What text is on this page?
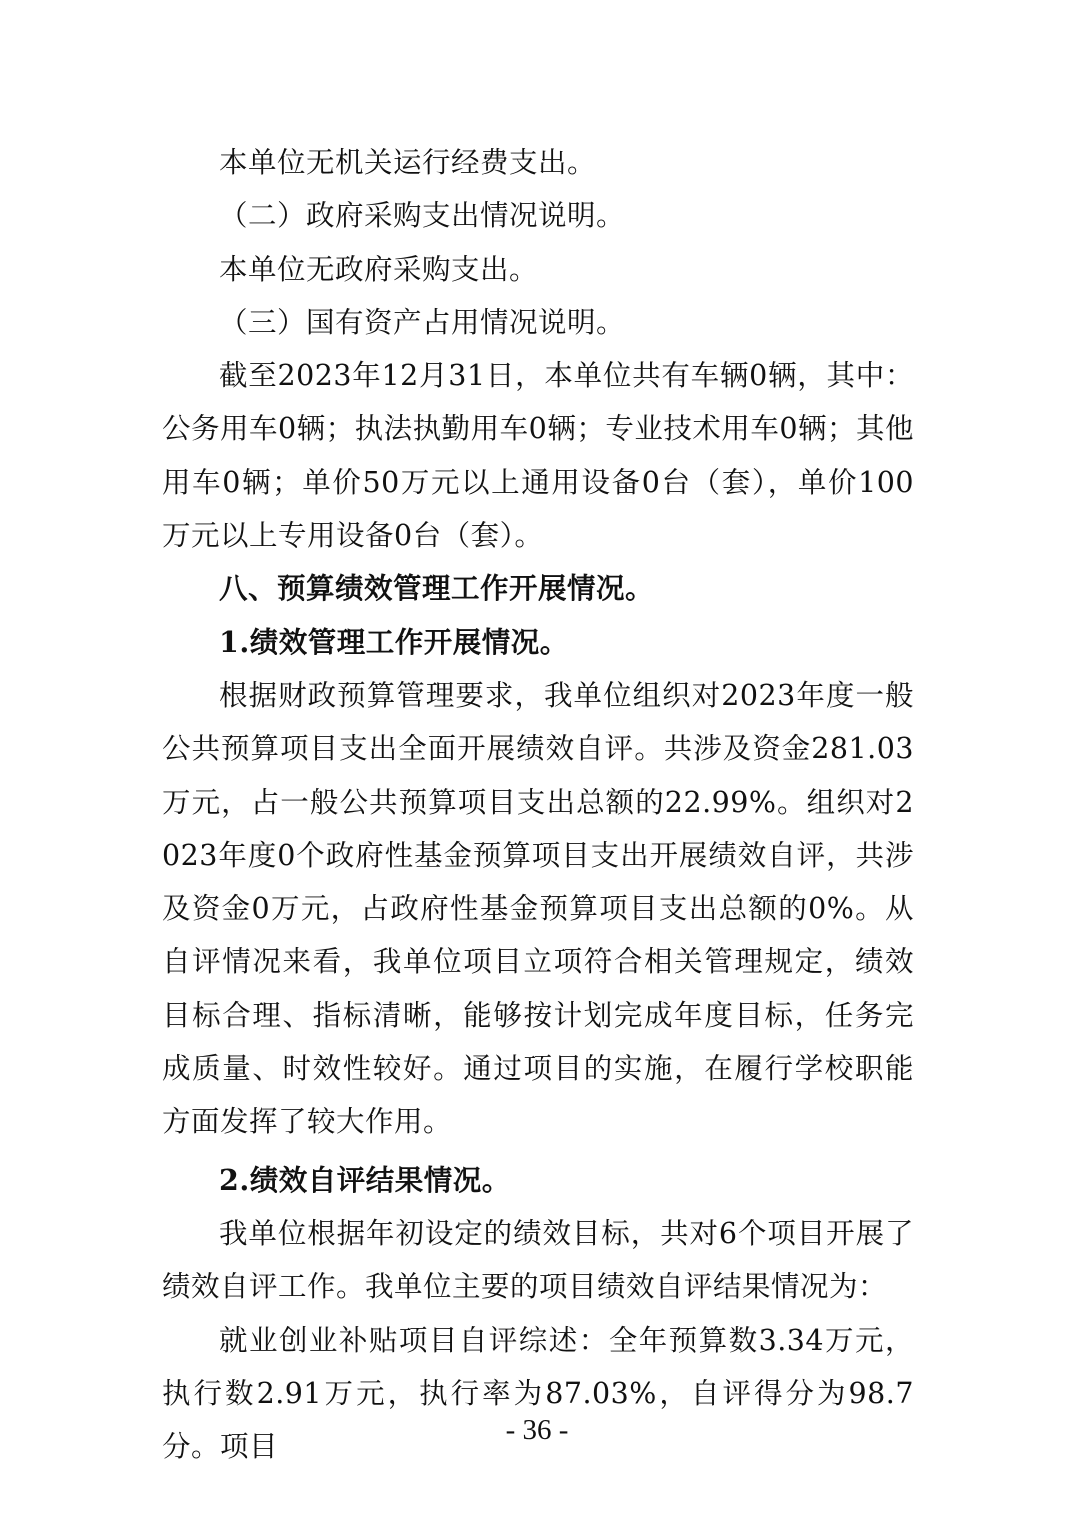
本单位无机关运行经费支出。

（二）政府采购支出情况说明。

本单位无政府采购支出。

（三）国有资产占用情况说明。

截至2023年12月31日，本单位共有车辆0辆，其中：公务用车0辆；执法执勤用车0辆；专业技术用车0辆；其他用车0辆；单价50万元以上通用设备0台（套），单价100 万元以上专用设备0台（套）。

八、预算绩效管理工作开展情况。

1.绩效管理工作开展情况。

根据财政预算管理要求，我单位组织对2023年度一般公共预算项目支出全面开展绩效自评。共涉及资金281.03万元，占一般公共预算项目支出总额的22.99%。组织对2023年度0个政府性基金预算项目支出开展绩效自评，共涉及资金0万元，占政府性基金预算项目支出总额的0%。从自评情况来看，我单位项目立项符合相关管理规定，绩效目标合理、指标清晰，能够按计划完成年度目标，任务完成质量、时效性较好。通过项目的实施，在履行学校职能方面发挥了较大作用。

2.绩效自评结果情况。

我单位根据年初设定的绩效目标，共对6个项目开展了绩效自评工作。我单位主要的项目绩效自评结果情况为：

就业创业补贴项目自评综述：全年预算数3.34万元，执行数2.91万元，执行率为87.03%，自评得分为98.7分。项目

- 36 -
